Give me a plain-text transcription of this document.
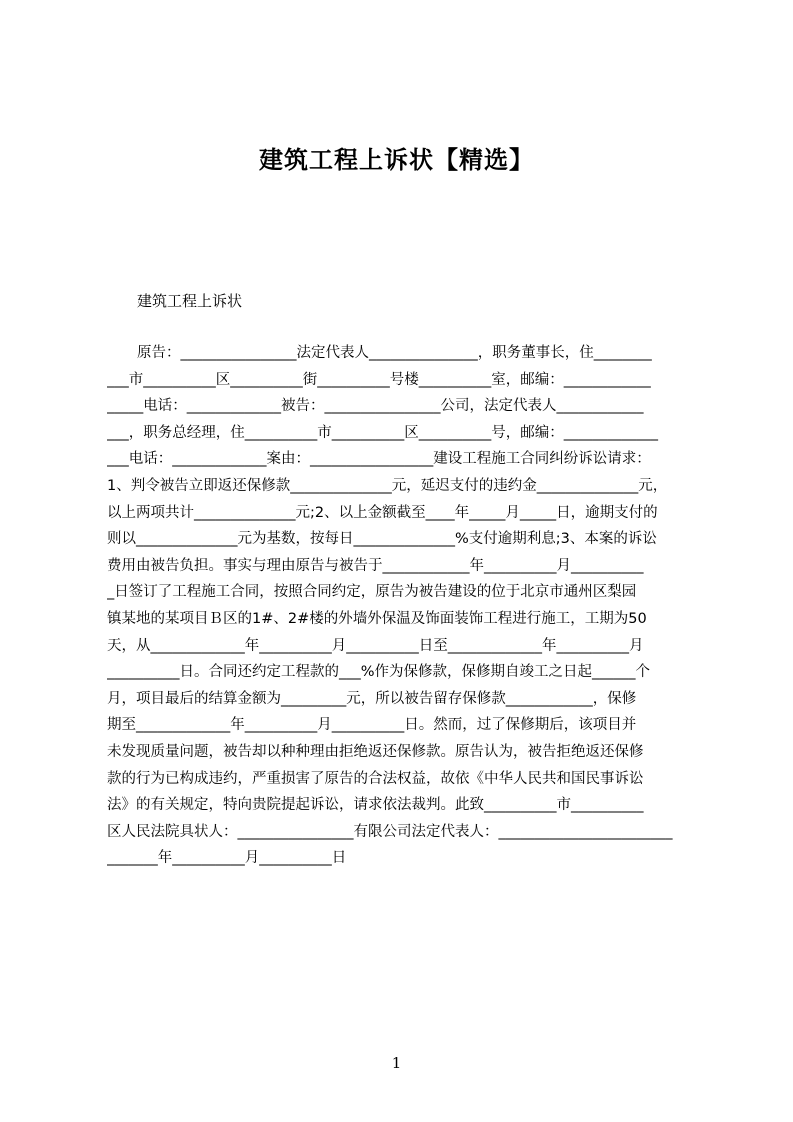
建筑工程上诉状【精选】
建筑工程上诉状
原告：________________法定代表人_______________，职务董事长，住________
___市__________区__________街__________号楼__________室，邮编：____________
_____电话：_____________被告：________________公司，法定代表人____________
___，职务总经理，住__________市__________区__________号，邮编：_____________
___电话：_____________案由：_________________建设工程施工合同纠纷诉讼请求：
1、判令被告立即返还保修款______________元，延迟支付的违约金______________元，
以上两项共计______________元;2、以上金额截至____年_____月_____日，逾期支付的
则以______________元为基数，按每日______________%支付逾期利息;3、本案的诉讼
费用由被告负担。事实与理由原告与被告于____________年__________月__________
_日签订了工程施工合同，按照合同约定，原告为被告建设的位于北京市通州区梨园
镇某地的某项目Ｂ区的1#、2#楼的外墙外保温及饰面装饰工程进行施工，工期为50
天，从_____________年__________月__________日至_____________年__________月
__________日。合同还约定工程款的___%作为保修款，保修期自竣工之日起______个
月，项目最后的结算金额为_________元，所以被告留存保修款____________，保修
期至_____________年__________月__________日。然而，过了保修期后，该项目并
未发现质量问题，被告却以种种理由拒绝返还保修款。原告认为，被告拒绝返还保修
款的行为已构成违约，严重损害了原告的合法权益，故依《中华人民共和国民事诉讼
法》的有关规定，特向贵院提起诉讼，请求依法裁判。此致__________市__________
区人民法院具状人：________________有限公司法定代表人：________________________
_______年__________月__________日
1
